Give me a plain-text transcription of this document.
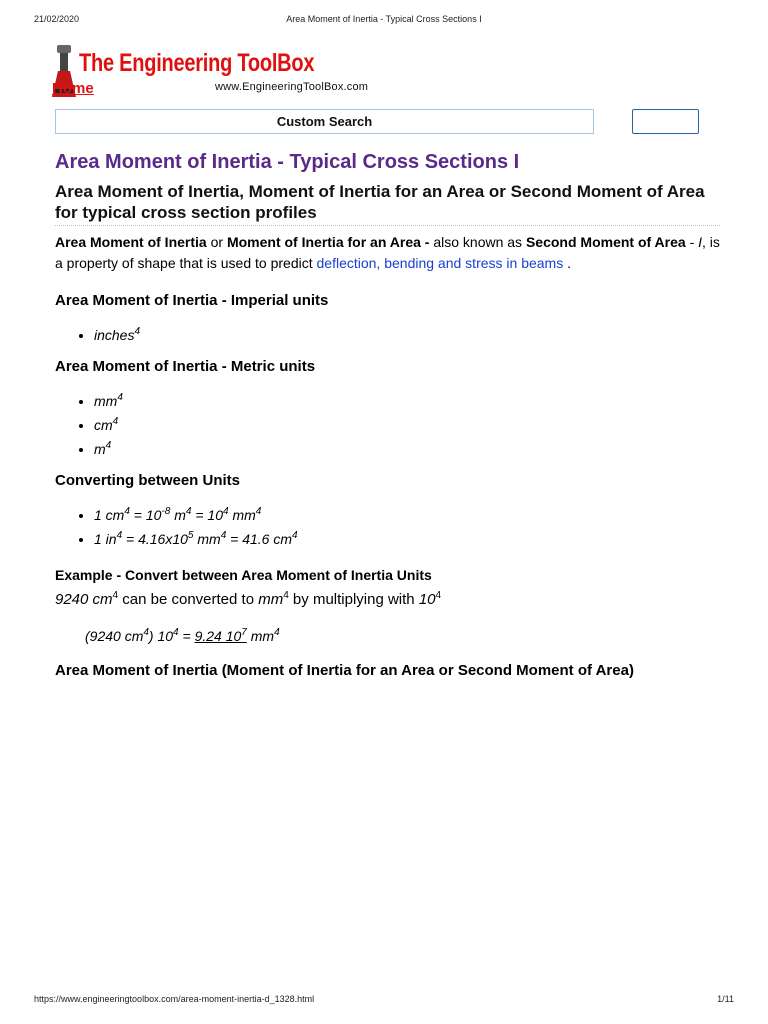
21/02/2020	Area Moment of Inertia - Typical Cross Sections I
The Engineering ToolBox
Home	www.EngineeringToolBox.com
Custom Search
Area Moment of Inertia - Typical Cross Sections I
Area Moment of Inertia, Moment of Inertia for an Area or Second Moment of Area for typical cross section profiles

Area Moment of Inertia or Moment of Inertia for an Area - also known as Second Moment of Area - I, is a property of shape that is used to predict deflection, bending and stress in beams .

Area Moment of Inertia - Imperial units
• inches$^4$
Area Moment of Inertia - Metric units
• $mm^4$
• $cm^4$
• $m^4$
Converting between Units
• 1 $cm^4 = 10^{-8}$ $m^4 = 10^4$ $mm^4$
• 1 $in^4 = 4.16x10^5$ $mm^4 = 41.6$ $cm^4$
Example - Convert between Area Moment of Inertia Units

9240 $cm^4$ can be converted to $mm^4$ by multiplying with $10^4$

(9240 $cm^4$) $10^4 = 9.24$ $10^7$ $mm^4$

Area Moment of Inertia (Moment of Inertia for an Area or Second Moment of Area)
https://www.engineeringtoolbox.com/area-moment-inertia-d_1328.html	1/11
